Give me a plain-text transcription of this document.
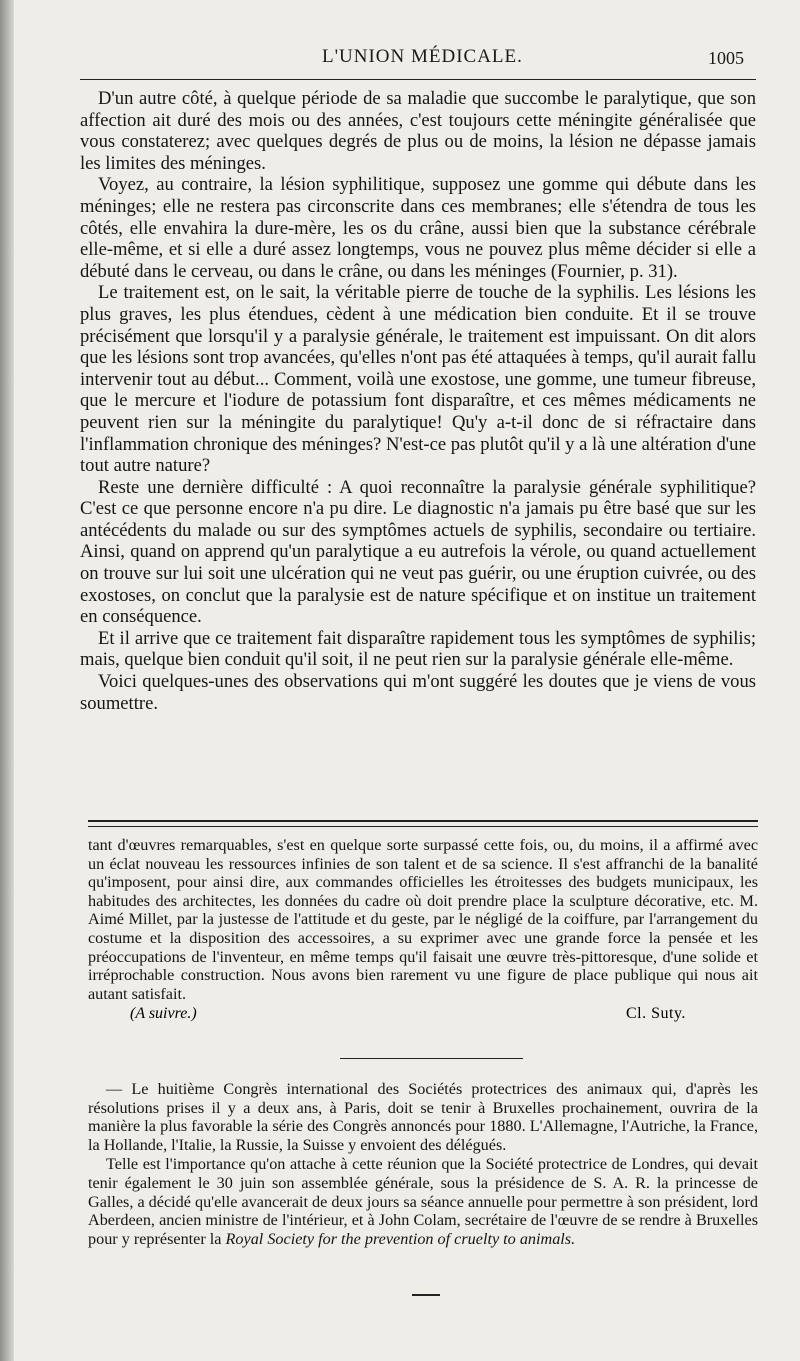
L'UNION MÉDICALE.	1005

D'un autre côté, à quelque période de sa maladie que succombe le paralytique, que son affection ait duré des mois ou des années, c'est toujours cette méningite généralisée que vous constaterez; avec quelques degrés de plus ou de moins, la lésion ne dépasse jamais les limites des méninges.

Voyez, au contraire, la lésion syphilitique, supposez une gomme qui débute dans les méninges; elle ne restera pas circonscrite dans ces membranes; elle s'étendra de tous les côtés, elle envahira la dure-mère, les os du crâne, aussi bien que la substance cérébrale elle-même, et si elle a duré assez longtemps, vous ne pouvez plus même décider si elle a débuté dans le cerveau, ou dans le crâne, ou dans les méninges (Fournier, p. 31).

Le traitement est, on le sait, la véritable pierre de touche de la syphilis. Les lésions les plus graves, les plus étendues, cèdent à une médication bien conduite. Et il se trouve précisément que lorsqu'il y a paralysie générale, le traitement est impuissant. On dit alors que les lésions sont trop avancées, qu'elles n'ont pas été attaquées à temps, qu'il aurait fallu intervenir tout au début... Comment, voilà une exostose, une gomme, une tumeur fibreuse, que le mercure et l'iodure de potassium font disparaître, et ces mêmes médicaments ne peuvent rien sur la méningite du paralytique! Qu'y a-t-il donc de si réfractaire dans l'inflammation chronique des méninges? N'est-ce pas plutôt qu'il y a là une altération d'une tout autre nature?

Reste une dernière difficulté : A quoi reconnaître la paralysie générale syphilitique? C'est ce que personne encore n'a pu dire. Le diagnostic n'a jamais pu être basé que sur les antécédents du malade ou sur des symptômes actuels de syphilis, secondaire ou tertiaire. Ainsi, quand on apprend qu'un paralytique a eu autrefois la vérole, ou quand actuellement on trouve sur lui soit une ulcération qui ne veut pas guérir, ou une éruption cuivrée, ou des exostoses, on conclut que la paralysie est de nature spécifique et on institue un traitement en conséquence.

Et il arrive que ce traitement fait disparaître rapidement tous les symptômes de syphilis; mais, quelque bien conduit qu'il soit, il ne peut rien sur la paralysie générale elle-même.

Voici quelques-unes des observations qui m'ont suggéré les doutes que je viens de vous soumettre.

tant d'œuvres remarquables, s'est en quelque sorte surpassé cette fois, ou, du moins, il a affirmé avec un éclat nouveau les ressources infinies de son talent et de sa science. Il s'est affranchi de la banalité qu'imposent, pour ainsi dire, aux commandes officielles les étroitesses des budgets municipaux, les habitudes des architectes, les données du cadre où doit prendre place la sculpture décorative, etc. M. Aimé Millet, par la justesse de l'attitude et du geste, par le négligé de la coiffure, par l'arrangement du costume et la disposition des accessoires, a su exprimer avec une grande force la pensée et les préoccupations de l'inventeur, en même temps qu'il faisait une œuvre très-pittoresque, d'une solide et irréprochable construction. Nous avons bien rarement vu une figure de place publique qui nous ait autant satisfait.

(A suivre.)	Cl. Suty.

— Le huitième Congrès international des Sociétés protectrices des animaux qui, d'après les résolutions prises il y a deux ans, à Paris, doit se tenir à Bruxelles prochainement, ouvrira de la manière la plus favorable la série des Congrès annoncés pour 1880. L'Allemagne, l'Autriche, la France, la Hollande, l'Italie, la Russie, la Suisse y envoient des délégués.

Telle est l'importance qu'on attache à cette réunion que la Société protectrice de Londres, qui devait tenir également le 30 juin son assemblée générale, sous la présidence de S. A. R. la princesse de Galles, a décidé qu'elle avancerait de deux jours sa séance annuelle pour permettre à son président, lord Aberdeen, ancien ministre de l'intérieur, et à John Colam, secrétaire de l'œuvre de se rendre à Bruxelles pour y représenter la Royal Society for the prevention of cruelty to animals.
